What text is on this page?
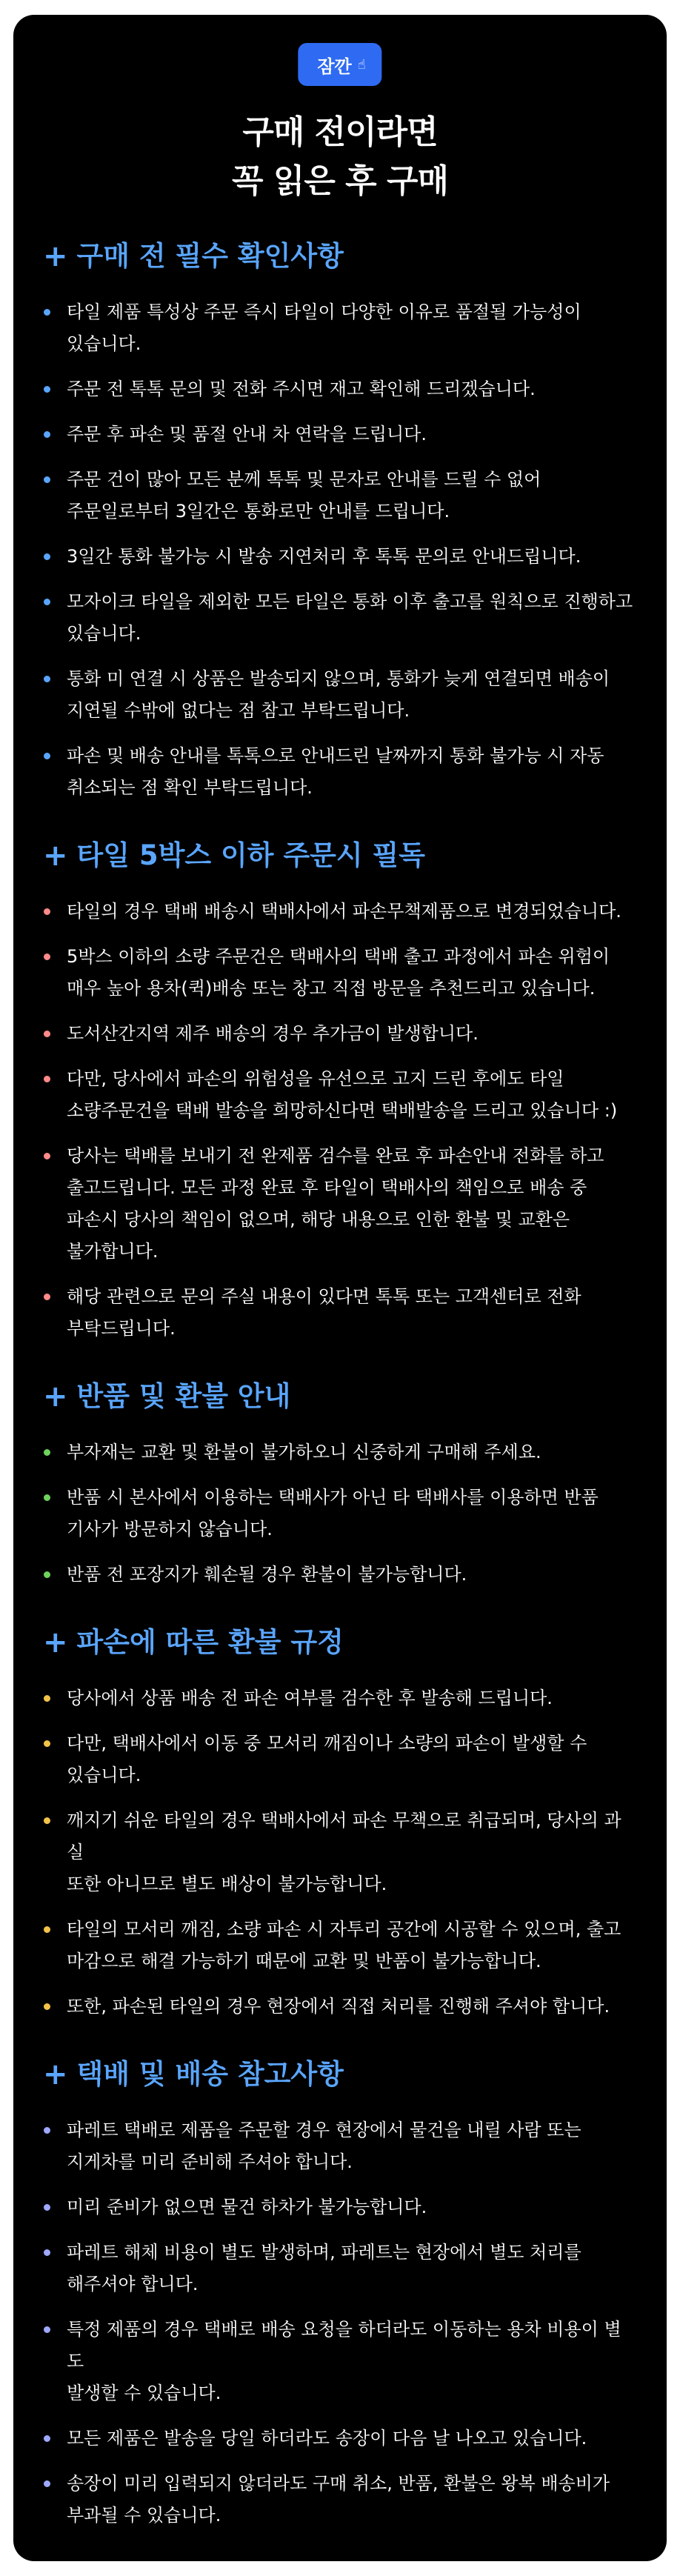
잠깐 ☝
구매 전이라면
꼭 읽은 후 구매
+ 구매 전 필수 확인사항
타일 제품 특성상 주문 즉시 타일이 다양한 이유로 품절될 가능성이
있습니다.
주문 전 톡톡 문의 및 전화 주시면 재고 확인해 드리겠습니다.
주문 후 파손 및 품절 안내 차 연락을 드립니다.
주문 건이 많아 모든 분께 톡톡 및 문자로 안내를 드릴 수 없어
주문일로부터 3일간은 통화로만 안내를 드립니다.
3일간 통화 불가능 시 발송 지연처리 후 톡톡 문의로 안내드립니다.
모자이크 타일을 제외한 모든 타일은 통화 이후 출고를 원칙으로 진행하고
있습니다.
통화 미 연결 시 상품은 발송되지 않으며, 통화가 늦게 연결되면 배송이
지연될 수밖에 없다는 점 참고 부탁드립니다.
파손 및 배송 안내를 톡톡으로 안내드린 날짜까지 통화 불가능 시 자동
취소되는 점 확인 부탁드립니다.
+ 타일 5박스 이하 주문시 필독
타일의 경우 택배 배송시 택배사에서 파손무책제품으로 변경되었습니다.
5박스 이하의 소량 주문건은 택배사의 택배 출고 과정에서 파손 위험이
매우 높아 용차(퀵)배송 또는 창고 직접 방문을 추천드리고 있습니다.
도서산간지역 제주 배송의 경우 추가금이 발생합니다.
다만, 당사에서 파손의 위험성을 유선으로 고지 드린 후에도 타일
소량주문건을 택배 발송을 희망하신다면 택배발송을 드리고 있습니다 :)
당사는 택배를 보내기 전 완제품 검수를 완료 후 파손안내 전화를 하고
출고드립니다. 모든 과정 완료 후 타일이 택배사의 책임으로 배송 중
파손시 당사의 책임이 없으며, 해당 내용으로 인한 환불 및 교환은
불가합니다.
해당 관련으로 문의 주실 내용이 있다면 톡톡 또는 고객센터로 전화
부탁드립니다.
+ 반품 및 환불 안내
부자재는 교환 및 환불이 불가하오니 신중하게 구매해 주세요.
반품 시 본사에서 이용하는 택배사가 아닌 타 택배사를 이용하면 반품
기사가 방문하지 않습니다.
반품 전 포장지가 훼손될 경우 환불이 불가능합니다.
+ 파손에 따른 환불 규정
당사에서 상품 배송 전 파손 여부를 검수한 후 발송해 드립니다.
다만, 택배사에서 이동 중 모서리 깨짐이나 소량의 파손이 발생할 수
있습니다.
깨지기 쉬운 타일의 경우 택배사에서 파손 무책으로 취급되며, 당사의 과실
또한 아니므로 별도 배상이 불가능합니다.
타일의 모서리 깨짐, 소량 파손 시 자투리 공간에 시공할 수 있으며, 출고
마감으로 해결 가능하기 때문에 교환 및 반품이 불가능합니다.
또한, 파손된 타일의 경우 현장에서 직접 처리를 진행해 주셔야 합니다.
+ 택배 및 배송 참고사항
파레트 택배로 제품을 주문할 경우 현장에서 물건을 내릴 사람 또는
지게차를 미리 준비해 주셔야 합니다.
미리 준비가 없으면 물건 하차가 불가능합니다.
파레트 해체 비용이 별도 발생하며, 파레트는 현장에서 별도 처리를
해주셔야 합니다.
특정 제품의 경우 택배로 배송 요청을 하더라도 이동하는 용차 비용이 별도
발생할 수 있습니다.
모든 제품은 발송을 당일 하더라도 송장이 다음 날 나오고 있습니다.
송장이 미리 입력되지 않더라도 구매 취소, 반품, 환불은 왕복 배송비가
부과될 수 있습니다.
